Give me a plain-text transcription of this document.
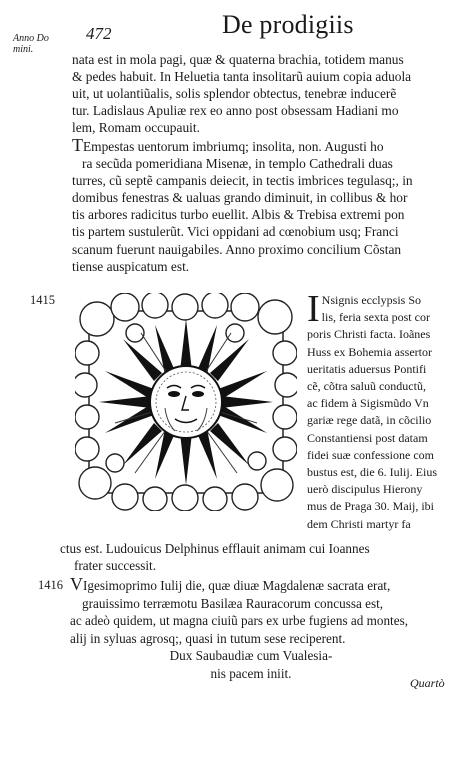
Anno Do
mini.
472	De prodigiis
nata est in mola pagi, quæ & quaterna brachia, totidem manus
& pedes habuit. In Heluetia tanta insolitarũ auium copia aduola
uit, ut uolantiũalis, solis splendor obtectus, tenebræ inducerẽ
tur. Ladislaus Apuliæ rex eo anno post obsessam Hadiani mo
lem, Romam occupauit.
TEmpestas uentorum imbriumq; insolita, non. Augusti ho
ra secũda pomeridiana Misenæ, in templo Cathedrali duas
turres, cũ septẽ campanis deiecit, in tectis imbrices tegulasq;, in
domibus fenestras & ualuas grando diminuit, in collibus & hor
tis arbores radicitus turbo euellit. Albis & Trebisa extremi pon
tis partem sustulerũt. Vici oppidani ad cœnobium usq; Franci
scanum fuerunt nauigabiles. Anno proximo concilium Cõstan
tiense auspicatum est.
1415	I Nsignis ecclypsis So
lis, feria sexta post cor
poris Christi facta. Ioãnes
Huss ex Bohemia assertor
ueritatis aduersus Pontifi
cẽ, cõtra saluũ conductũ,
ac fidem à Sigismũdo Vn
gariæ rege datã, in cõcilio
Constantiensi post datam
fidei suæ confessione com
bustus est, die 6. Iulij. Eius
uerò discipulus Hierony
mus de Praga 30. Maij, ibi
dem Christi martyr fa
ctus est. Ludouicus Delphinus efflauit animam cui Ioannes
frater successit.
1416 VIgesimoprimo Iulij die, quæ diuæ Magdalenæ sacrata erat,
grauissimo terræmotu Basilæa Rauracorum concussa est,
ac adeò quidem, ut magna ciuiũ pars ex urbe fugiens ad montes,
alij in syluas agrosq;, quasi in tutum sese reciperent.
Dux Saubaudiæ cum Vualesia-
nis pacem iniit.
Quartò
